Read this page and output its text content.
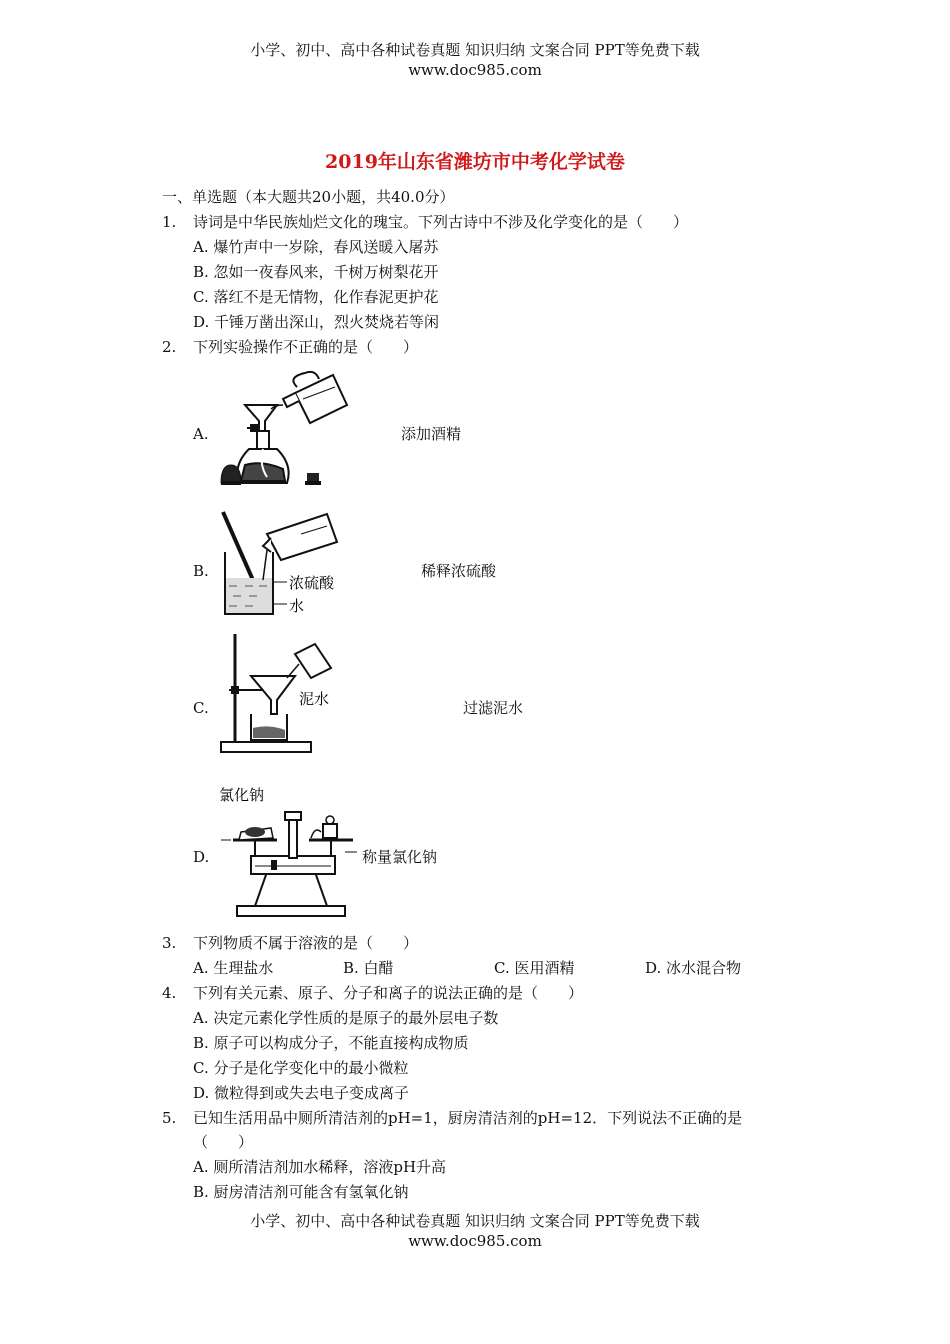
小学、初中、高中各种试卷真题 知识归纳 文案合同 PPT等免费下载
www.doc985.com
2019年山东省潍坊市中考化学试卷
一、单选题（本大题共20小题，共40.0分）
1. 诗词是中华民族灿烂文化的瑰宝。下列古诗中不涉及化学变化的是（　　）
A. 爆竹声中一岁除，春风送暖入屠苏
B. 忽如一夜春风来，千树万树梨花开
C. 落红不是无情物，化作春泥更护花
D. 千锤万凿出深山，烈火焚烧若等闲
2. 下列实验操作不正确的是（　　）
A.	添加酒精
B.
浓硫酸
水
稀释浓硫酸
C.	泥水	过滤泥水
D.
氯化钠
称量氯化钠
3. 下列物质不属于溶液的是（　　）
A. 生理盐水	B. 白醋	C. 医用酒精	D. 冰水混合物
4. 下列有关元素、原子、分子和离子的说法正确的是（　　）
A. 决定元素化学性质的是原子的最外层电子数
B. 原子可以构成分子，不能直接构成物质
C. 分子是化学变化中的最小微粒
D. 微粒得到或失去电子变成离子
5. 已知生活用品中厕所清洁剂的pH=1，厨房清洁剂的pH=12．下列说法不正确的是
（　　）
A. 厕所清洁剂加水稀释，溶液pH升高
B. 厨房清洁剂可能含有氢氧化钠
小学、初中、高中各种试卷真题 知识归纳 文案合同 PPT等免费下载
www.doc985.com
